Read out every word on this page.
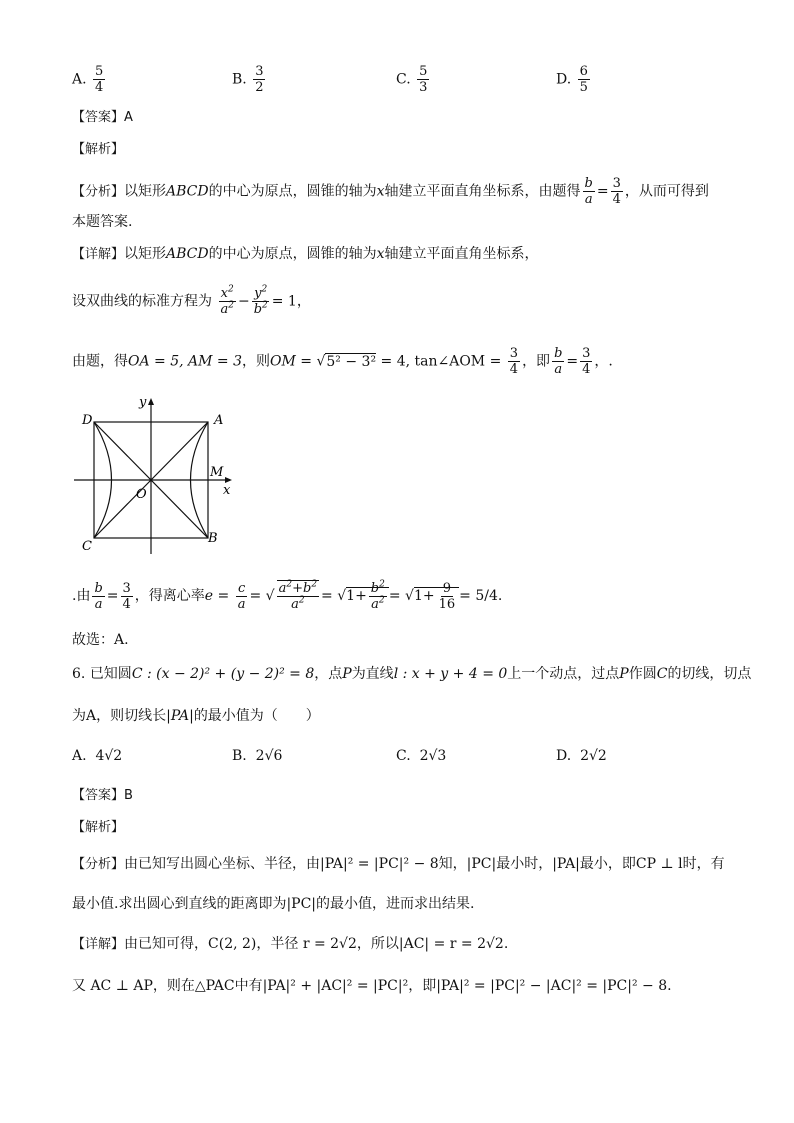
A. $\frac{5}{4}$	B. $\frac{3}{2}$	C. $\frac{5}{3}$	D. $\frac{6}{5}$
【答案】A
【解析】
【分析】以矩形ABCD的中心为原点，圆锥的轴为x轴建立平面直角坐标系，由题得 $\frac{b}{a} = \frac{3}{4}$ ，从而可得到
本题答案.
【详解】以矩形ABCD的中心为原点，圆锥的轴为x轴建立平面直角坐标系，
设双曲线的标准方程为 $\frac{x^2}{a^2} - \frac{y^2}{b^2} = 1$，
由题，得OA = 5, AM = 3，则OM = √5² − 3² = 4, tan∠AOM = $\frac{3}{4}$ ，即 $\frac{b}{a} = \frac{3}{4}$ ，.
D	A
C
B
M
O	x
y
.由 $\frac{b}{a} = \frac{3}{4}$ ，得离心率$e = \frac{c}{a}$ = √ $\frac{a^2+b^2}{a^2} = √1+ \frac{b^2}{a^2} = √1+ \frac{9}{16} = 5/4$.
故选：A.
6. 已知圆C : (x − 2)² + (y − 2)² = 8，点P为直线l : x + y + 4 = 0上一个动点，过点P作圆C的切线，切点
为A，则切线长|PA|的最小值为（　　）
A. 4√2	B. 2√6	C. 2√3	D. 2√2
【答案】B
【解析】
【分析】由已知写出圆心坐标、半径，由|PA|² = |PC|² − 8知，|PC|最小时，|PA|最小，即CP ⊥ l时，有
最小值.求出圆心到直线的距离即为|PC|的最小值，进而求出结果.
【详解】由已知可得，C(2, 2)，半径 r = 2√2，所以|AC| = r = 2√2.
又 AC ⊥ AP，则在△PAC中有|PA|² + |AC|² = |PC|²，即|PA|² = |PC|² − |AC|² = |PC|² − 8.
